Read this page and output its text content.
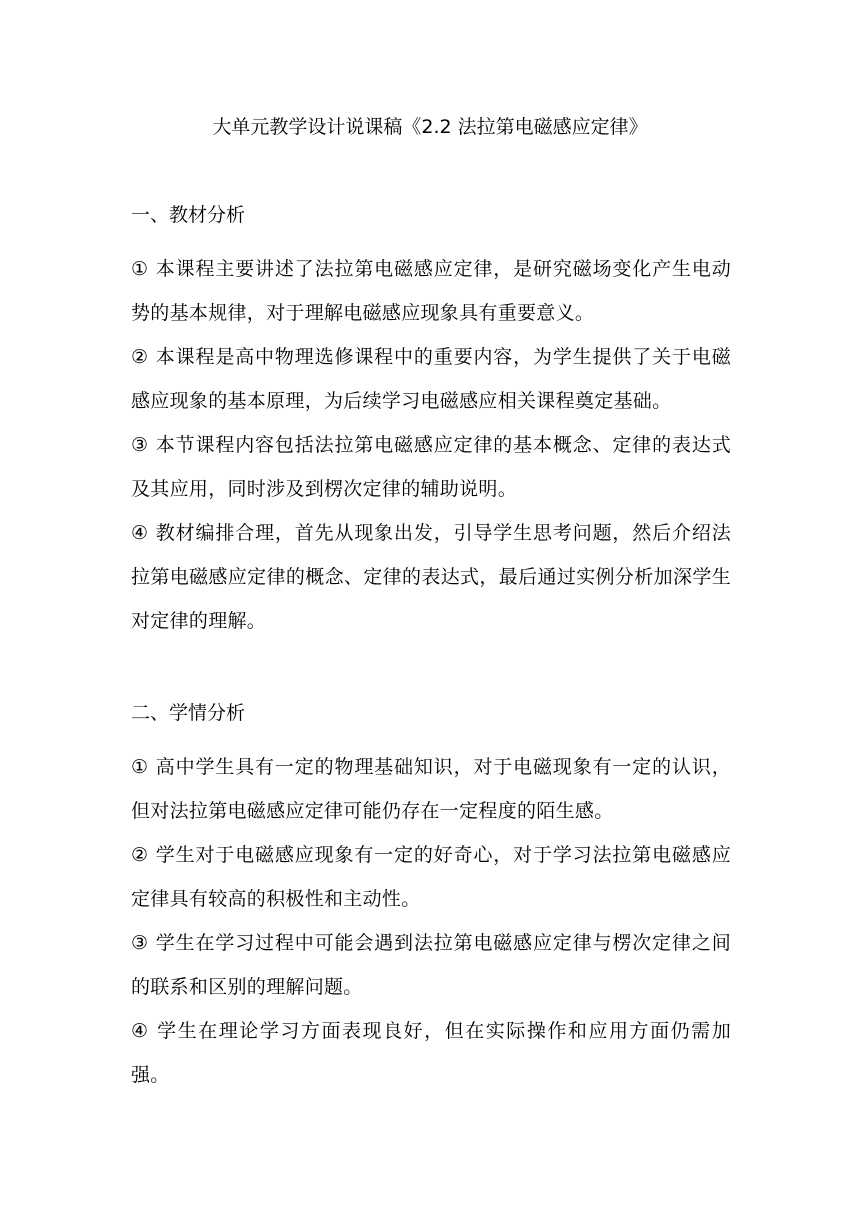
大单元教学设计说课稿《2.2 法拉第电磁感应定律》
一、教材分析

① 本课程主要讲述了法拉第电磁感应定律，是研究磁场变化产生电动势的基本规律，对于理解电磁感应现象具有重要意义。

② 本课程是高中物理选修课程中的重要内容，为学生提供了关于电磁感应现象的基本原理，为后续学习电磁感应相关课程奠定基础。

③ 本节课程内容包括法拉第电磁感应定律的基本概念、定律的表达式及其应用，同时涉及到楞次定律的辅助说明。

④ 教材编排合理，首先从现象出发，引导学生思考问题，然后介绍法拉第电磁感应定律的概念、定律的表达式，最后通过实例分析加深学生对定律的理解。

二、学情分析

① 高中学生具有一定的物理基础知识，对于电磁现象有一定的认识，但对法拉第电磁感应定律可能仍存在一定程度的陌生感。

② 学生对于电磁感应现象有一定的好奇心，对于学习法拉第电磁感应定律具有较高的积极性和主动性。

③ 学生在学习过程中可能会遇到法拉第电磁感应定律与楞次定律之间的联系和区别的理解问题。

④ 学生在理论学习方面表现良好，但在实际操作和应用方面仍需加强。
